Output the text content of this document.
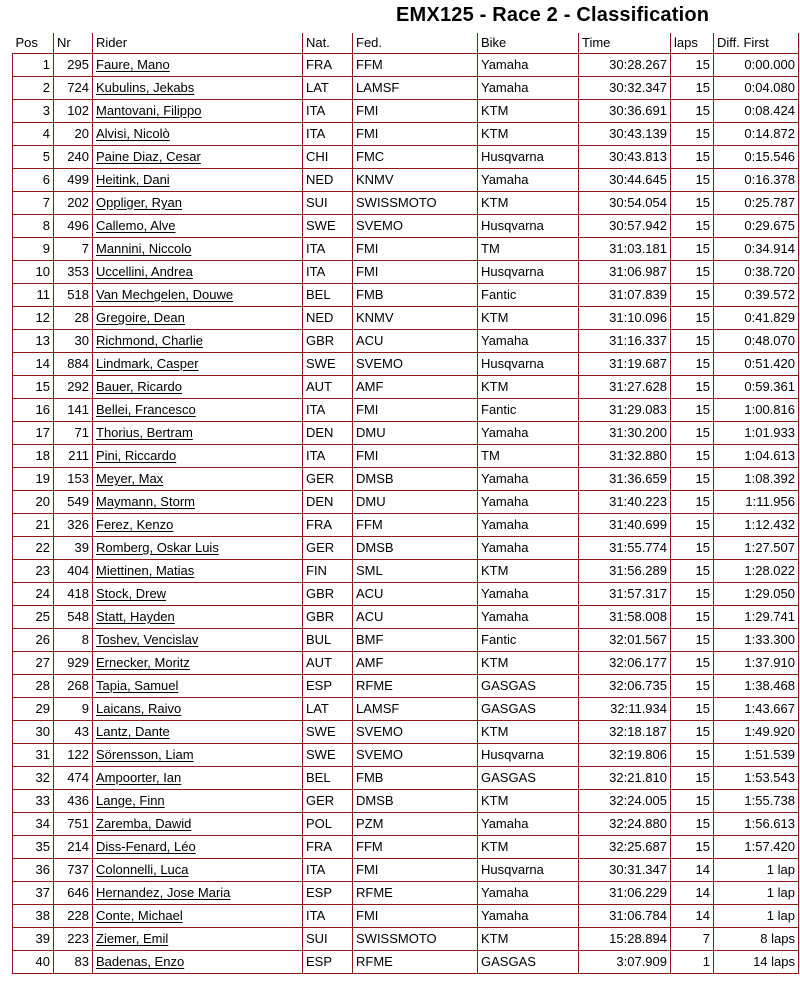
EMX125 - Race 2 - Classification
Pos	Nr	Rider	Nat.	Fed.	Bike	Time	laps	Diff. First
1	295	Faure, Mano	FRA	FFM	Yamaha	30:28.267	15	0:00.000
2	724	Kubulins, Jekabs	LAT	LAMSF	Yamaha	30:32.347	15	0:04.080
3	102	Mantovani, Filippo	ITA	FMI	KTM	30:36.691	15	0:08.424
4	20	Alvisi, Nicolò	ITA	FMI	KTM	30:43.139	15	0:14.872
5	240	Paine Diaz, Cesar	CHI	FMC	Husqvarna	30:43.813	15	0:15.546
6	499	Heitink, Dani	NED	KNMV	Yamaha	30:44.645	15	0:16.378
7	202	Oppliger, Ryan	SUI	SWISSMOTO	KTM	30:54.054	15	0:25.787
8	496	Callemo, Alve	SWE	SVEMO	Husqvarna	30:57.942	15	0:29.675
9	7	Mannini, Niccolo	ITA	FMI	TM	31:03.181	15	0:34.914
10	353	Uccellini, Andrea	ITA	FMI	Husqvarna	31:06.987	15	0:38.720
11	518	Van Mechgelen, Douwe	BEL	FMB	Fantic	31:07.839	15	0:39.572
12	28	Gregoire, Dean	NED	KNMV	KTM	31:10.096	15	0:41.829
13	30	Richmond, Charlie	GBR	ACU	Yamaha	31:16.337	15	0:48.070
14	884	Lindmark, Casper	SWE	SVEMO	Husqvarna	31:19.687	15	0:51.420
15	292	Bauer, Ricardo	AUT	AMF	KTM	31:27.628	15	0:59.361
16	141	Bellei, Francesco	ITA	FMI	Fantic	31:29.083	15	1:00.816
17	71	Thorius, Bertram	DEN	DMU	Yamaha	31:30.200	15	1:01.933
18	211	Pini, Riccardo	ITA	FMI	TM	31:32.880	15	1:04.613
19	153	Meyer, Max	GER	DMSB	Yamaha	31:36.659	15	1:08.392
20	549	Maymann, Storm	DEN	DMU	Yamaha	31:40.223	15	1:11.956
21	326	Ferez, Kenzo	FRA	FFM	Yamaha	31:40.699	15	1:12.432
22	39	Romberg, Oskar Luis	GER	DMSB	Yamaha	31:55.774	15	1:27.507
23	404	Miettinen, Matias	FIN	SML	KTM	31:56.289	15	1:28.022
24	418	Stock, Drew	GBR	ACU	Yamaha	31:57.317	15	1:29.050
25	548	Statt, Hayden	GBR	ACU	Yamaha	31:58.008	15	1:29.741
26	8	Toshev, Vencislav	BUL	BMF	Fantic	32:01.567	15	1:33.300
27	929	Ernecker, Moritz	AUT	AMF	KTM	32:06.177	15	1:37.910
28	268	Tapia, Samuel	ESP	RFME	GASGAS	32:06.735	15	1:38.468
29	9	Laicans, Raivo	LAT	LAMSF	GASGAS	32:11.934	15	1:43.667
30	43	Lantz, Dante	SWE	SVEMO	KTM	32:18.187	15	1:49.920
31	122	Sörensson, Liam	SWE	SVEMO	Husqvarna	32:19.806	15	1:51.539
32	474	Ampoorter, Ian	BEL	FMB	GASGAS	32:21.810	15	1:53.543
33	436	Lange, Finn	GER	DMSB	KTM	32:24.005	15	1:55.738
34	751	Zaremba, Dawid	POL	PZM	Yamaha	32:24.880	15	1:56.613
35	214	Diss-Fenard, Léo	FRA	FFM	KTM	32:25.687	15	1:57.420
36	737	Colonnelli, Luca	ITA	FMI	Husqvarna	30:31.347	14	1 lap
37	646	Hernandez, Jose Maria	ESP	RFME	Yamaha	31:06.229	14	1 lap
38	228	Conte, Michael	ITA	FMI	Yamaha	31:06.784	14	1 lap
39	223	Ziemer, Emil	SUI	SWISSMOTO	KTM	15:28.894	7	8 laps
40	83	Badenas, Enzo	ESP	RFME	GASGAS	3:07.909	1	14 laps
